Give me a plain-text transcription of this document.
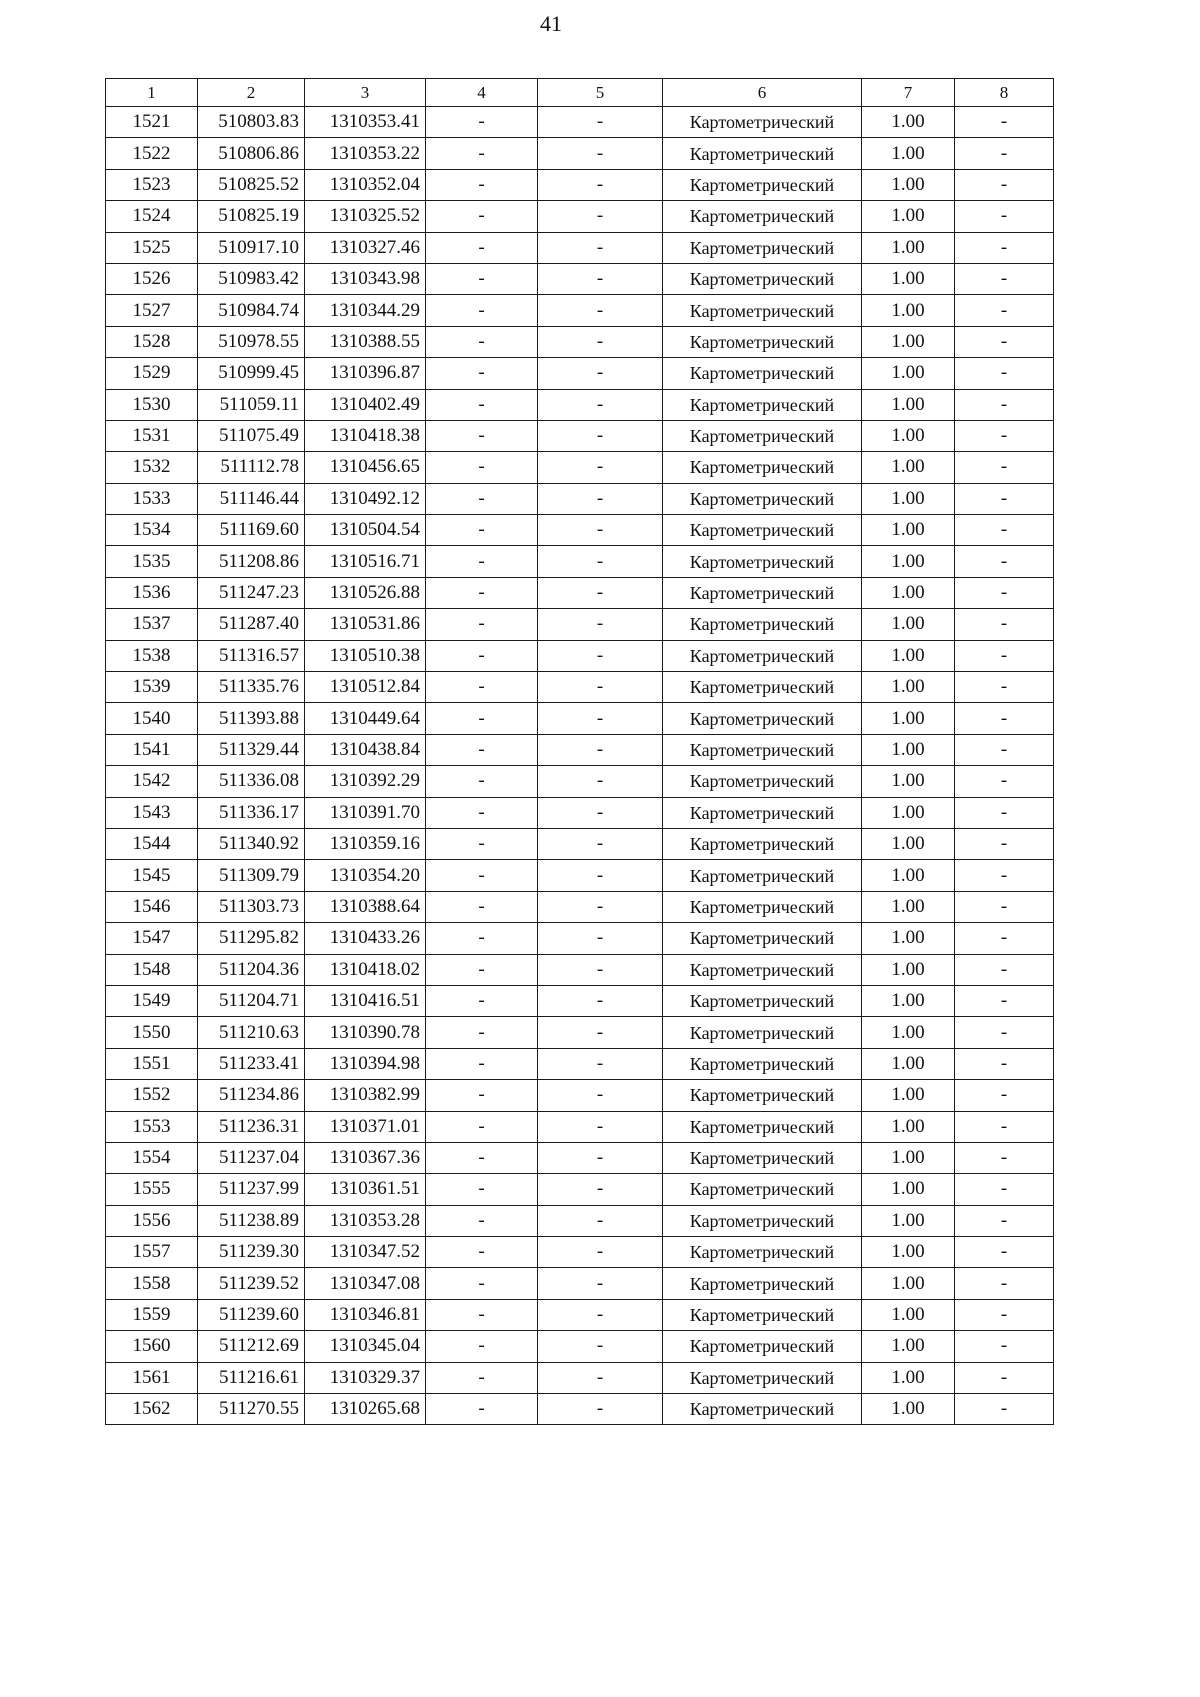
41
1	2	3	4	5	6	7	8
1521	510803.83	1310353.41	-	-	Картометрический	1.00	-
1522	510806.86	1310353.22	-	-	Картометрический	1.00	-
1523	510825.52	1310352.04	-	-	Картометрический	1.00	-
1524	510825.19	1310325.52	-	-	Картометрический	1.00	-
1525	510917.10	1310327.46	-	-	Картометрический	1.00	-
1526	510983.42	1310343.98	-	-	Картометрический	1.00	-
1527	510984.74	1310344.29	-	-	Картометрический	1.00	-
1528	510978.55	1310388.55	-	-	Картометрический	1.00	-
1529	510999.45	1310396.87	-	-	Картометрический	1.00	-
1530	511059.11	1310402.49	-	-	Картометрический	1.00	-
1531	511075.49	1310418.38	-	-	Картометрический	1.00	-
1532	511112.78	1310456.65	-	-	Картометрический	1.00	-
1533	511146.44	1310492.12	-	-	Картометрический	1.00	-
1534	511169.60	1310504.54	-	-	Картометрический	1.00	-
1535	511208.86	1310516.71	-	-	Картометрический	1.00	-
1536	511247.23	1310526.88	-	-	Картометрический	1.00	-
1537	511287.40	1310531.86	-	-	Картометрический	1.00	-
1538	511316.57	1310510.38	-	-	Картометрический	1.00	-
1539	511335.76	1310512.84	-	-	Картометрический	1.00	-
1540	511393.88	1310449.64	-	-	Картометрический	1.00	-
1541	511329.44	1310438.84	-	-	Картометрический	1.00	-
1542	511336.08	1310392.29	-	-	Картометрический	1.00	-
1543	511336.17	1310391.70	-	-	Картометрический	1.00	-
1544	511340.92	1310359.16	-	-	Картометрический	1.00	-
1545	511309.79	1310354.20	-	-	Картометрический	1.00	-
1546	511303.73	1310388.64	-	-	Картометрический	1.00	-
1547	511295.82	1310433.26	-	-	Картометрический	1.00	-
1548	511204.36	1310418.02	-	-	Картометрический	1.00	-
1549	511204.71	1310416.51	-	-	Картометрический	1.00	-
1550	511210.63	1310390.78	-	-	Картометрический	1.00	-
1551	511233.41	1310394.98	-	-	Картометрический	1.00	-
1552	511234.86	1310382.99	-	-	Картометрический	1.00	-
1553	511236.31	1310371.01	-	-	Картометрический	1.00	-
1554	511237.04	1310367.36	-	-	Картометрический	1.00	-
1555	511237.99	1310361.51	-	-	Картометрический	1.00	-
1556	511238.89	1310353.28	-	-	Картометрический	1.00	-
1557	511239.30	1310347.52	-	-	Картометрический	1.00	-
1558	511239.52	1310347.08	-	-	Картометрический	1.00	-
1559	511239.60	1310346.81	-	-	Картометрический	1.00	-
1560	511212.69	1310345.04	-	-	Картометрический	1.00	-
1561	511216.61	1310329.37	-	-	Картометрический	1.00	-
1562	511270.55	1310265.68	-	-	Картометрический	1.00	-
